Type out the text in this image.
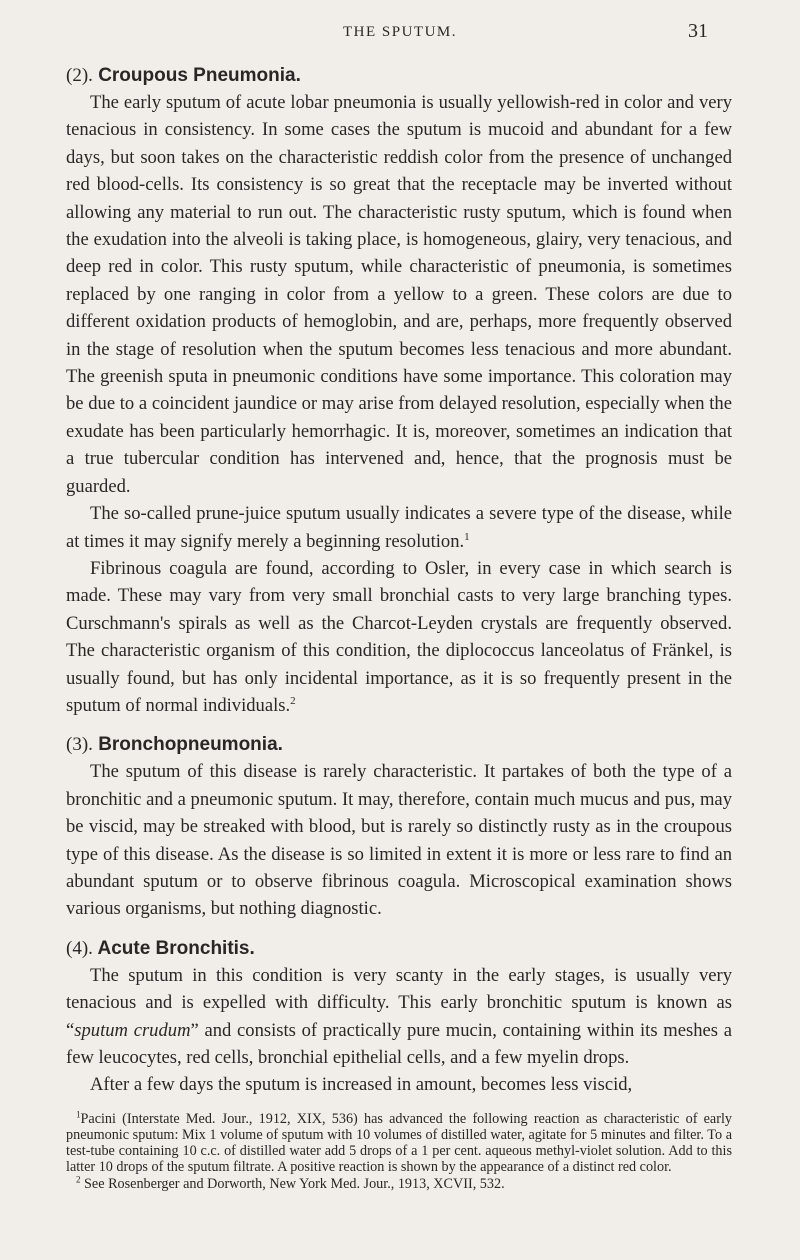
THE SPUTUM.	31
(2). Croupous Pneumonia.

The early sputum of acute lobar pneumonia is usually yellowish-red in color and very tenacious in consistency. In some cases the sputum is mucoid and abundant for a few days, but soon takes on the characteristic reddish color from the presence of unchanged red blood-cells. Its consistency is so great that the receptacle may be inverted without allowing any material to run out. The characteristic rusty sputum, which is found when the exudation into the alveoli is taking place, is homogeneous, glairy, very tenacious, and deep red in color. This rusty sputum, while characteristic of pneumonia, is sometimes replaced by one ranging in color from a yellow to a green. These colors are due to different oxidation products of hemoglobin, and are, perhaps, more frequently observed in the stage of resolution when the sputum becomes less tenacious and more abundant. The greenish sputa in pneumonic conditions have some importance. This coloration may be due to a coincident jaundice or may arise from delayed resolution, especially when the exudate has been particularly hemorrhagic. It is, moreover, sometimes an indication that a true tubercular condition has intervened and, hence, that the prognosis must be guarded.

The so-called prune-juice sputum usually indicates a severe type of the disease, while at times it may signify merely a beginning resolution.$^1$

Fibrinous coagula are found, according to Osler, in every case in which search is made. These may vary from very small bronchial casts to very large branching types. Curschmann's spirals as well as the Charcot-Leyden crystals are frequently observed. The characteristic organism of this condition, the diplococcus lanceolatus of Fränkel, is usually found, but has only incidental importance, as it is so frequently present in the sputum of normal individuals.$^2$

(3). Bronchopneumonia.

The sputum of this disease is rarely characteristic. It partakes of both the type of a bronchitic and a pneumonic sputum. It may, therefore, contain much mucus and pus, may be viscid, may be streaked with blood, but is rarely so distinctly rusty as in the croupous type of this disease. As the disease is so limited in extent it is more or less rare to find an abundant sputum or to observe fibrinous coagula. Microscopical examination shows various organisms, but nothing diagnostic.

(4). Acute Bronchitis.

The sputum in this condition is very scanty in the early stages, is usually very tenacious and is expelled with difficulty. This early bronchitic sputum is known as “sputum crudum” and consists of practically pure mucin, containing within its meshes a few leucocytes, red cells, bronchial epithelial cells, and a few myelin drops.

After a few days the sputum is increased in amount, becomes less viscid,

$^1$Pacini (Interstate Med. Jour., 1912, XIX, 536) has advanced the following reaction as characteristic of early pneumonic sputum: Mix 1 volume of sputum with 10 volumes of distilled water, agitate for 5 minutes and filter. To a test-tube containing 10 c.c. of distilled water add 5 drops of a 1 per cent. aqueous methyl-violet solution. Add to this latter 10 drops of the sputum filtrate. A positive reaction is shown by the appearance of a distinct red color.

$^2$ See Rosenberger and Dorworth, New York Med. Jour., 1913, XCVII, 532.
